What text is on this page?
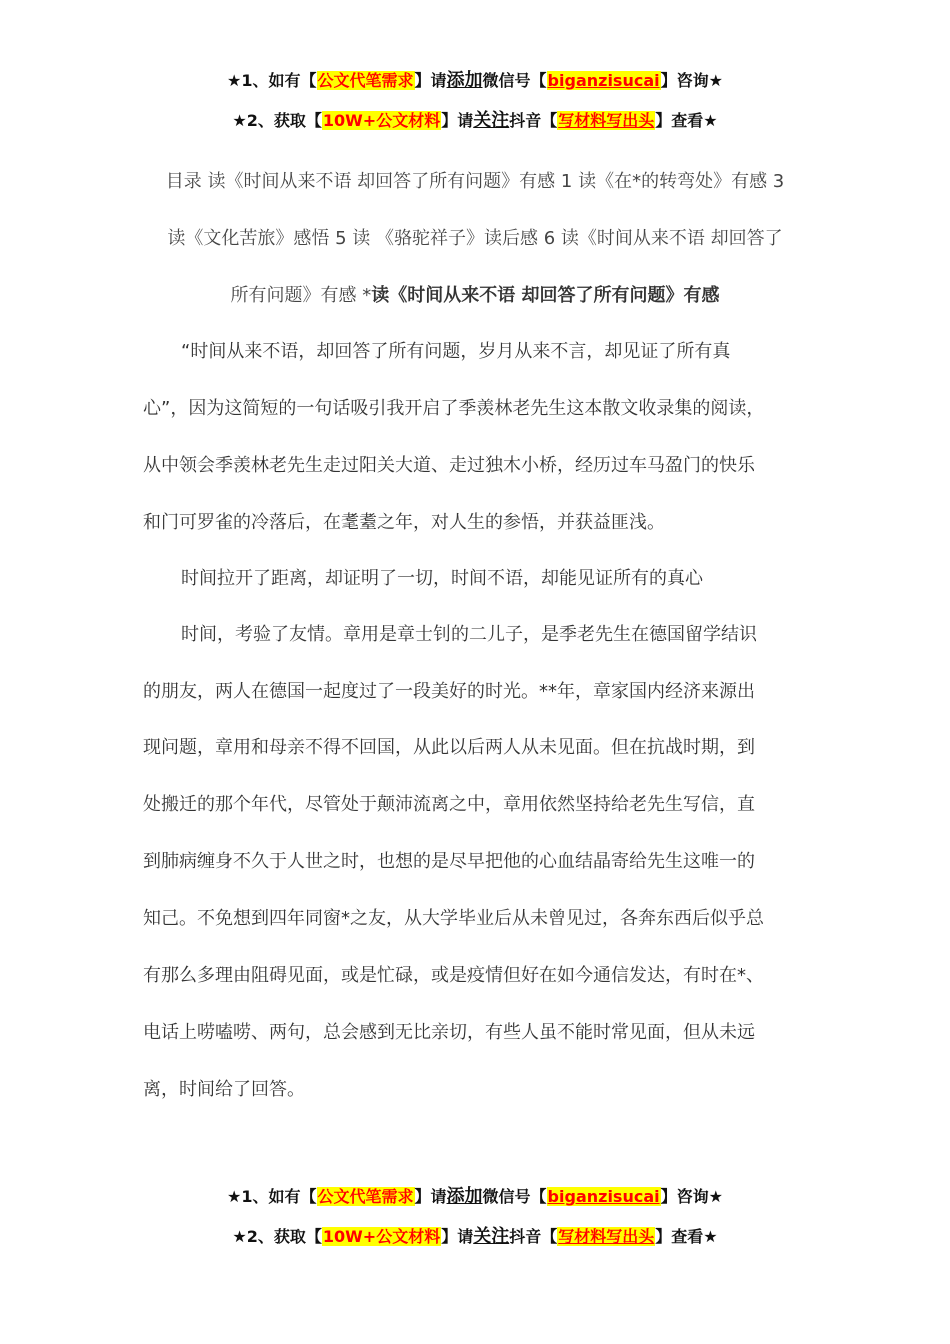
★1、如有【公文代笔需求】请添加微信号【biganzisucai】咨询★
★2、获取【10W+公文材料】请关注抖音【写材料写出头】查看★
目录 读《时间从来不语 却回答了所有问题》有感 1 读《在*的转弯处》有感 3
读《文化苦旅》感悟 5 读 《骆驼祥子》读后感 6 读《时间从来不语 却回答了
所有问题》有感 *读《时间从来不语 却回答了所有问题》有感
“时间从来不语，却回答了所有问题，岁月从来不言，却见证了所有真
心”，因为这简短的一句话吸引我开启了季羡林老先生这本散文收录集的阅读，
从中领会季羡林老先生走过阳关大道、走过独木小桥，经历过车马盈门的快乐
和门可罗雀的冷落后，在耄耋之年，对人生的参悟，并获益匪浅。
时间拉开了距离，却证明了一切，时间不语，却能见证所有的真心
时间，考验了友情。章用是章士钊的二儿子，是季老先生在德国留学结识
的朋友，两人在德国一起度过了一段美好的时光。**年，章家国内经济来源出
现问题，章用和母亲不得不回国，从此以后两人从未见面。但在抗战时期，到
处搬迁的那个年代，尽管处于颠沛流离之中，章用依然坚持给老先生写信，直
到肺病缠身不久于人世之时，也想的是尽早把他的心血结晶寄给先生这唯一的
知己。不免想到四年同窗*之友，从大学毕业后从未曾见过，各奔东西后似乎总
有那么多理由阻碍见面，或是忙碌，或是疫情但好在如今通信发达，有时在*、
电话上唠嗑唠、两句，总会感到无比亲切，有些人虽不能时常见面，但从未远
离，时间给了回答。
★1、如有【公文代笔需求】请添加微信号【biganzisucai】咨询★
★2、获取【10W+公文材料】请关注抖音【写材料写出头】查看★
